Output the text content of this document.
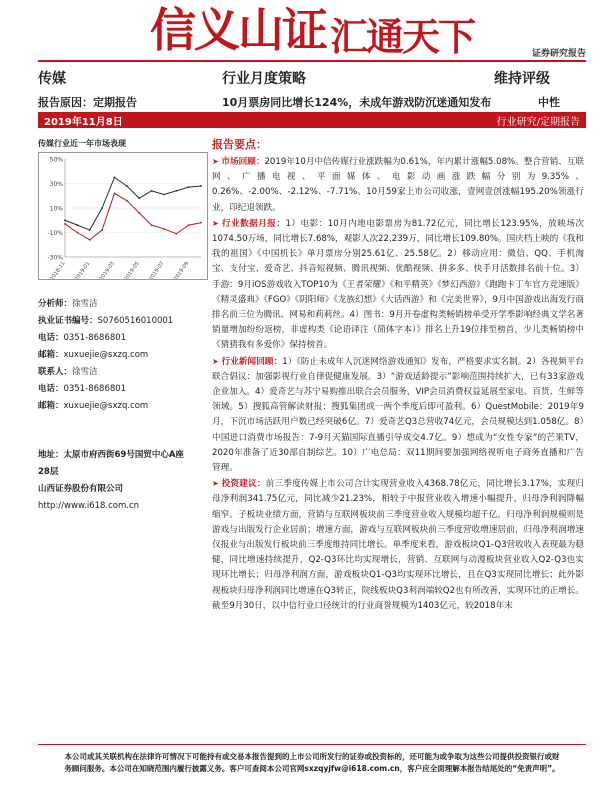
信义山证 汇通天下	证券研究报告
传媒	行业月度策略	维持评级
报告原因：定期报告	10月票房同比增长124%，未成年游戏防沉迷通知发布	中性
2019年11月8日	行业研究/定期报告
传媒行业近一年市场表现
50%
30%
10%
-10%
-30%
2018-11 2019-01 2019-03 2019-05 2019-07 2019-09
分析师：徐雪洁
执业证书编号：S0760516010001
电话：0351-8686801
邮箱：xuxuejie@sxzq.com
联系人：徐雪洁
电话：0351-8686801
邮箱：xuxuejie@sxzq.com
地址：太原市府西街69号国贸中心A座
28层
山西证券股份有限公司
http://www.i618.com.cn
报告要点：

➤ 市场回顾：2019年10月中信传媒行业涨跌幅为0.61%，年内累计涨幅5.08%。整合营销、互联网、广播电视、平面媒体、电影动画涨跌幅分别为9.35%、0.26%、-2.00%、-2.12%、-7.71%。10月59家上市公司收涨，壹网壹创涨幅195.20%领涨行业，印纪退领跌。

➤ 行业数据月报：1）电影：10月内地电影票房为81.72亿元，同比增长123.95%，放映场次1074.50万场，同比增长7.68%，观影人次22,239万，同比增长109.80%。国庆档上映的《我和我的祖国》《中国机长》单月票房分别25.61亿、25.58亿。2）移动应用：微信、QQ、手机淘宝、支付宝、爱奇艺、抖音短视频、腾讯视频、优酷视频、拼多多、快手月活数排名前十位。3）手游：9月iOS游戏收入TOP10为《王者荣耀》《和平精英》《梦幻西游》《跑跑卡丁车官方竞速版》《精灵盛典》《FGO》《阴阳师》《龙族幻想》《大话西游》和《完美世界》，9月中国游戏出海发行商排名前三位为腾讯、网易和莉莉丝。4）图书：9月开卷虚构类畅销榜单受开学季影响经典文学名著销量增加纷纷返榜，非虚构类《论语译注（简体字本）》排名上升19位排至榜首，少儿类畅销榜中《猜猜我有多爱你》保持榜首。

➤ 行业新闻回顾：1）《防止未成年人沉迷网络游戏通知》发布，严格要求实名制。2）各视频平台联合倡议：加强影视行业自律促健康发展。3）“游戏适龄提示”影响范围持续扩大，已有33家游戏企业加入。4）爱奇艺与苏宁易购推出联合会员服务，VIP会员消费权益延展至家电、百货、生鲜等领域。5）搜狐高管解读财报：搜狐集团或一两个季度后即可盈利。6）QuestMobile：2019年9月，下沉市场活跃用户数已经突破6亿。7）爱奇艺Q3总营收74亿元，会员规模达到1.058亿。8）中国进口消费市场报告：7-9月天猫国际直播引导成交4.7亿。9）想成为“女性专家”的芒果TV，2020年准备了近30部自制综艺。10）广电总局：双11期间要加强网络视听电子商务直播和广告管理。

➤ 投资建议：前三季度传媒上市公司合计实现营业收入4368.78亿元，同比增长3.17%，实现归母净利润341.75亿元，同比减少21.23%，相较于中报营业收入增速小幅提升，归母净利润降幅缩窄。子板块业绩方面，营销与互联网板块前三季度营业收入规模均超千亿，归母净利润规模则是游戏与出版发行企业居前；增速方面，游戏与互联网板块前三季度营收增速居前，归母净利润增速仅报业与出版发行板块前三季度维持同比增长。单季度来看，游戏板块Q1-Q3营收收入表现最为稳健，同比增速持续提升，Q2-Q3环比均实现增长，营销、互联网与动漫板块营业收入Q2-Q3也实现环比增长；归母净利润方面，游戏板块Q1-Q3均实现环比增长，且在Q3实现同比增长；此外影视板块归母净利润同比增速在Q3转正，院线板块Q3利润端较Q2也有所改善，实现环比的正增长。截至9月30日，以中信行业口径统计的行业商誉规模为1403亿元，较2018年末

本公司或其关联机构在法律许可情况下可能持有或交易本报告提到的上市公司所发行的证券或投资标的，还可能为或争取为这些公司提供投资银行或财
务顾问服务。本公司在知晓范围内履行披露义务。客户可查阅本公司官网sxzqyjfw@i618.com.cn，客户应全面理解本报告结尾处的“免责声明”。
